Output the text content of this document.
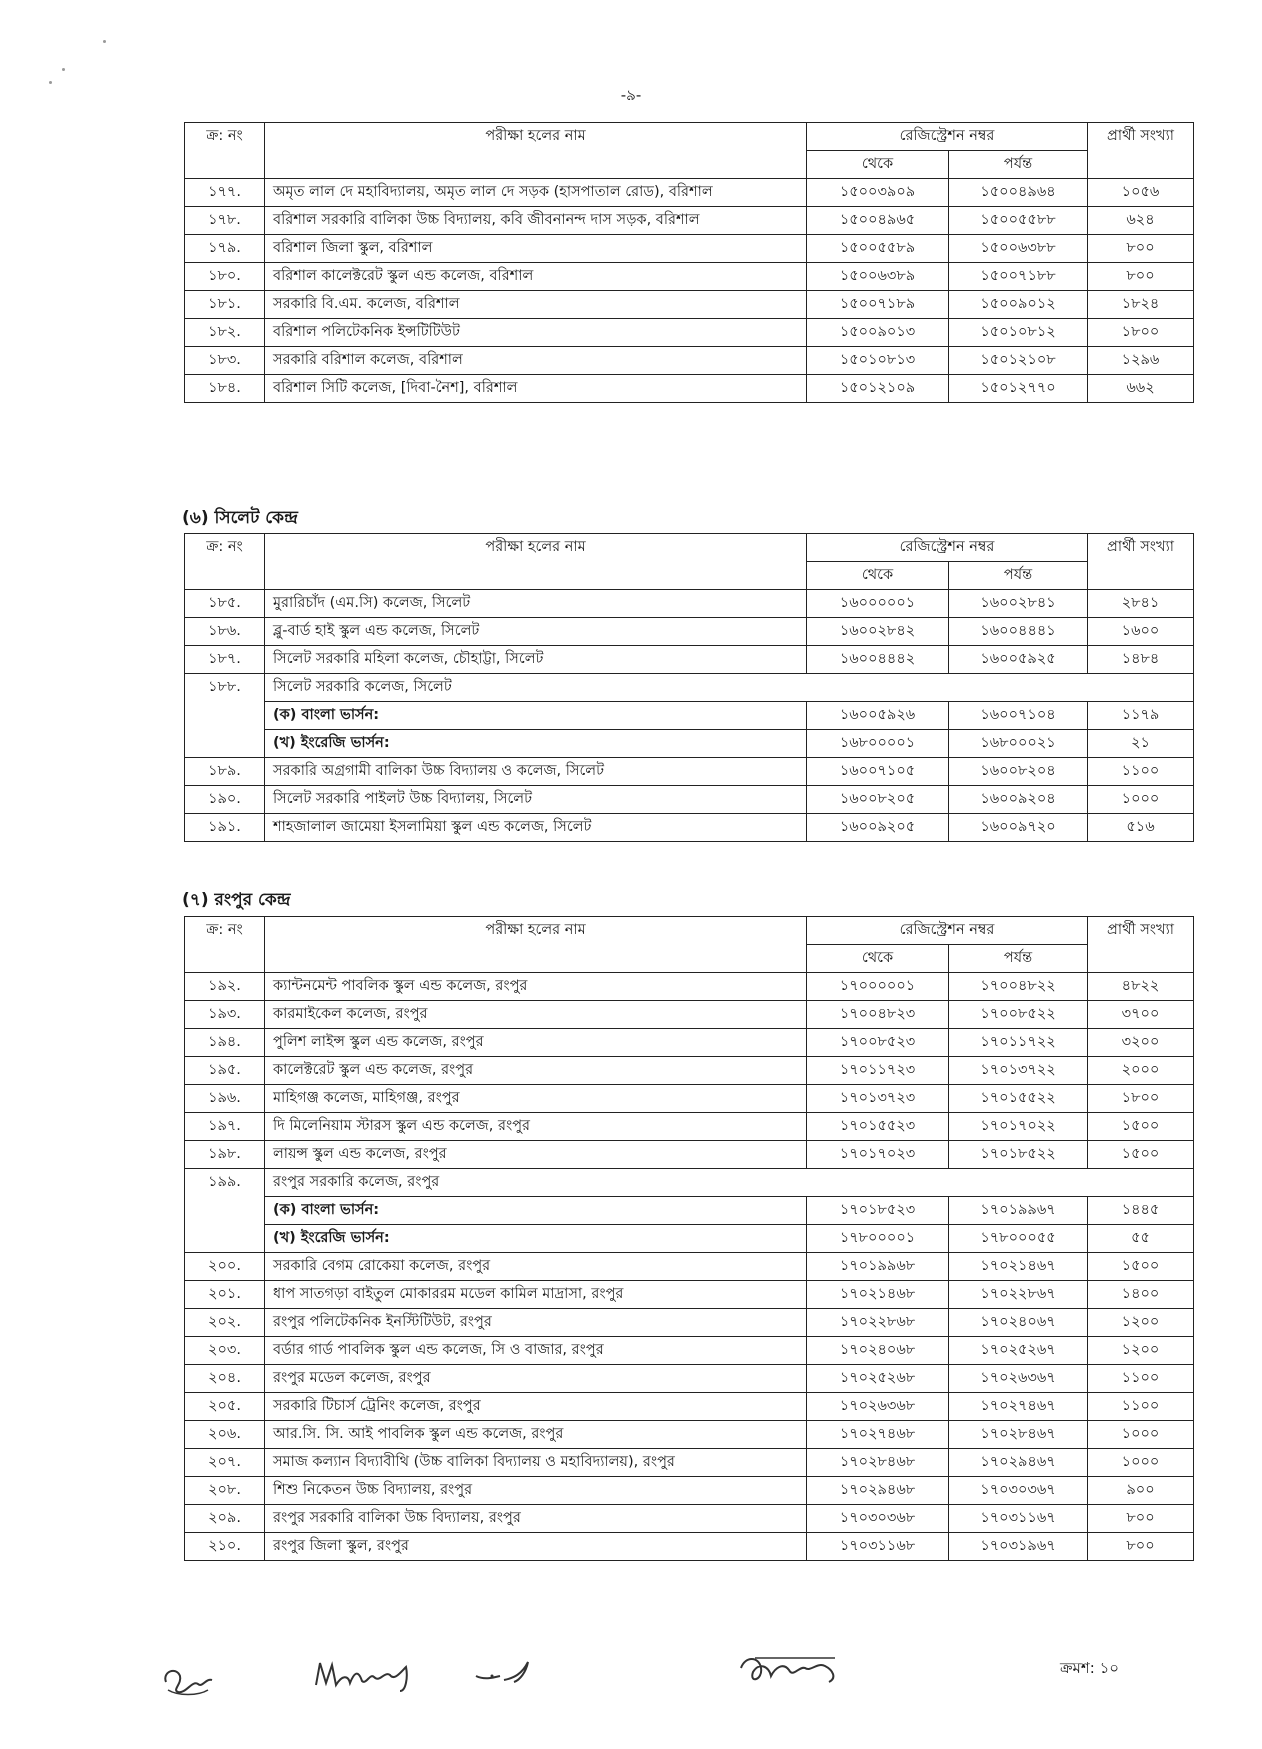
-৯-
ক্র: নং	পরীক্ষা হলের নাম	রেজিস্ট্রেশন নম্বর		প্রার্থী সংখ্যা
		থেকে	পর্যন্ত	
১৭৭.	অমৃত লাল দে মহাবিদ্যালয়, অমৃত লাল দে সড়ক (হাসপাতাল রোড), বরিশাল	১৫০০৩৯০৯	১৫০০৪৯৬৪	১০৫৬
১৭৮.	বরিশাল সরকারি বালিকা উচ্চ বিদ্যালয়, কবি জীবনানন্দ দাস সড়ক, বরিশাল	১৫০০৪৯৬৫	১৫০০৫৫৮৮	৬২৪
১৭৯.	বরিশাল জিলা স্কুল, বরিশাল	১৫০০৫৫৮৯	১৫০০৬৩৮৮	৮০০
১৮০.	বরিশাল কালেক্টরেট স্কুল এন্ড কলেজ, বরিশাল	১৫০০৬৩৮৯	১৫০০৭১৮৮	৮০০
১৮১.	সরকারি বি.এম. কলেজ, বরিশাল	১৫০০৭১৮৯	১৫০০৯০১২	১৮২৪
১৮২.	বরিশাল পলিটেকনিক ইন্সটিটিউট	১৫০০৯০১৩	১৫০১০৮১২	১৮০০
১৮৩.	সরকারি বরিশাল কলেজ, বরিশাল	১৫০১০৮১৩	১৫০১২১০৮	১২৯৬
১৮৪.	বরিশাল সিটি কলেজ, [দিবা-নৈশ], বরিশাল	১৫০১২১০৯	১৫০১২৭৭০	৬৬২
(৬) সিলেট কেন্দ্র
ক্র: নং	পরীক্ষা হলের নাম	রেজিস্ট্রেশন নম্বর		প্রার্থী সংখ্যা
		থেকে	পর্যন্ত	
১৮৫.	মুরারিচাঁদ (এম.সি) কলেজ, সিলেট	১৬০০০০০১	১৬০০২৮৪১	২৮৪১
১৮৬.	ব্লু-বার্ড হাই স্কুল এন্ড কলেজ, সিলেট	১৬০০২৮৪২	১৬০০৪৪৪১	১৬০০
১৮৭.	সিলেট সরকারি মহিলা কলেজ, চৌহাট্টা, সিলেট	১৬০০৪৪৪২	১৬০০৫৯২৫	১৪৮৪
১৮৮.	সিলেট সরকারি কলেজ, সিলেট			
	(ক) বাংলা ভার্সন:	১৬০০৫৯২৬	১৬০০৭১০৪	১১৭৯
	(খ) ইংরেজি ভার্সন:	১৬৮০০০০১	১৬৮০০০২১	২১
১৮৯.	সরকারি অগ্রগামী বালিকা উচ্চ বিদ্যালয় ও কলেজ, সিলেট	১৬০০৭১০৫	১৬০০৮২০৪	১১০০
১৯০.	সিলেট সরকারি পাইলট উচ্চ বিদ্যালয়, সিলেট	১৬০০৮২০৫	১৬০০৯২০৪	১০০০
১৯১.	শাহজালাল জামেয়া ইসলামিয়া স্কুল এন্ড কলেজ, সিলেট	১৬০০৯২০৫	১৬০০৯৭২০	৫১৬
(৭) রংপুর কেন্দ্র
ক্র: নং	পরীক্ষা হলের নাম	রেজিস্ট্রেশন নম্বর		প্রার্থী সংখ্যা
		থেকে	পর্যন্ত	
১৯২.	ক্যান্টনমেন্ট পাবলিক স্কুল এন্ড কলেজ, রংপুর	১৭০০০০০১	১৭০০৪৮২২	৪৮২২
১৯৩.	কারমাইকেল কলেজ, রংপুর	১৭০০৪৮২৩	১৭০০৮৫২২	৩৭০০
১৯৪.	পুলিশ লাইন্স স্কুল এন্ড কলেজ, রংপুর	১৭০০৮৫২৩	১৭০১১৭২২	৩২০০
১৯৫.	কালেক্টরেট স্কুল এন্ড কলেজ, রংপুর	১৭০১১৭২৩	১৭০১৩৭২২	২০০০
১৯৬.	মাহিগঞ্জ কলেজ, মাহিগঞ্জ, রংপুর	১৭০১৩৭২৩	১৭০১৫৫২২	১৮০০
১৯৭.	দি মিলেনিয়াম স্টারস স্কুল এন্ড কলেজ, রংপুর	১৭০১৫৫২৩	১৭০১৭০২২	১৫০০
১৯৮.	লায়ন্স স্কুল এন্ড কলেজ, রংপুর	১৭০১৭০২৩	১৭০১৮৫২২	১৫০০
১৯৯.	রংপুর সরকারি কলেজ, রংপুর			
	(ক) বাংলা ভার্সন:	১৭০১৮৫২৩	১৭০১৯৯৬৭	১৪৪৫
	(খ) ইংরেজি ভার্সন:	১৭৮০০০০১	১৭৮০০০৫৫	৫৫
২০০.	সরকারি বেগম রোকেয়া কলেজ, রংপুর	১৭০১৯৯৬৮	১৭০২১৪৬৭	১৫০০
২০১.	ধাপ সাতগড়া বাইতুল মোকাররম মডেল কামিল মাদ্রাসা, রংপুর	১৭০২১৪৬৮	১৭০২২৮৬৭	১৪০০
২০২.	রংপুর পলিটেকনিক ইনস্টিটিউট, রংপুর	১৭০২২৮৬৮	১৭০২৪০৬৭	১২০০
২০৩.	বর্ডার গার্ড পাবলিক স্কুল এন্ড কলেজ, সি ও বাজার, রংপুর	১৭০২৪০৬৮	১৭০২৫২৬৭	১২০০
২০৪.	রংপুর মডেল কলেজ, রংপুর	১৭০২৫২৬৮	১৭০২৬৩৬৭	১১০০
২০৫.	সরকারি টিচার্স ট্রেনিং কলেজ, রংপুর	১৭০২৬৩৬৮	১৭০২৭৪৬৭	১১০০
২০৬.	আর.সি. সি. আই পাবলিক স্কুল এন্ড কলেজ, রংপুর	১৭০২৭৪৬৮	১৭০২৮৪৬৭	১০০০
২০৭.	সমাজ কল্যান বিদ্যাবীথি (উচ্চ বালিকা বিদ্যালয় ও মহাবিদ্যালয়), রংপুর	১৭০২৮৪৬৮	১৭০২৯৪৬৭	১০০০
২০৮.	শিশু নিকেতন উচ্চ বিদ্যালয়, রংপুর	১৭০২৯৪৬৮	১৭০৩০৩৬৭	৯০০
২০৯.	রংপুর সরকারি বালিকা উচ্চ বিদ্যালয়, রংপুর	১৭০৩০৩৬৮	১৭০৩১১৬৭	৮০০
২১০.	রংপুর জিলা স্কুল, রংপুর	১৭০৩১১৬৮	১৭০৩১৯৬৭	৮০০
ক্রমশ: ১০
